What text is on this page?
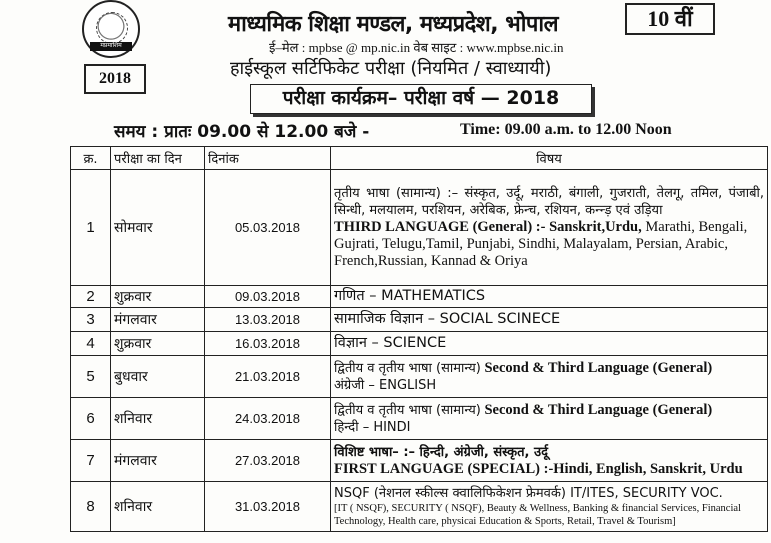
मप्रमाशिम
2018
10 वीं
माध्यमिक शिक्षा मण्डल, मध्यप्रदेश, भोपाल
ई–मेल : mpbse @ mp.nic.in वेब साइट : www.mpbse.nic.in
हाईस्कूल सर्टिफिकेट परीक्षा (नियमित / स्वाध्यायी)
परीक्षा कार्यक्रम– परीक्षा वर्ष — 2018
समय : प्रातः 09.00 से 12.00 बजे -	Time: 09.00 a.m. to 12.00 Noon
क्र.	परीक्षा का दिन	दिनांक	विषय
1	सोमवार	05.03.2018	तृतीय भाषा (सामान्य) :– संस्कृत, उर्दू, मराठी, बंगाली, गुजराती, तेलगू, तमिल, पंजाबी, सिन्धी, मलयालम, परशियन, अरेबिक, फ्रेन्च, रशियन, कन्न्ड़ एवं उड़िया
THIRD LANGUAGE (General) :- Sanskrit,Urdu, Marathi, Bengali, Gujrati, Telugu,Tamil, Punjabi, Sindhi, Malayalam, Persian, Arabic, French,Russian, Kannad & Oriya

2	शुक्रवार	09.03.2018	गणित – MATHEMATICS
3	मंगलवार	13.03.2018	सामाजिक विज्ञान – SOCIAL SCINECE
4	शुक्रवार	16.03.2018	विज्ञान – SCIENCE
5	बुधवार	21.03.2018	द्वितीय व तृतीय भाषा (सामान्य) Second & Third Language (General)
अंग्रेजी – ENGLISH

6	शनिवार	24.03.2018	द्वितीय व तृतीय भाषा (सामान्य) Second & Third Language (General)
हिन्दी – HINDI

7	मंगलवार	27.03.2018	विशिष्ट भाषा– :– हिन्दी, अंग्रेजी, संस्कृत, उर्दू
FIRST LANGUAGE (SPECIAL) :-Hindi, English, Sanskrit, Urdu

8	शनिवार	31.03.2018	NSQF (नेशनल स्कील्स क्वालिफिकेशन फ्रेमवर्क) IT/ITES, SECURITY VOC.
[IT ( NSQF), SECURITY ( NSQF), Beauty & Wellness, Banking & financial Services, Financial Technology, Health care, physicai Education & Sports, Retail, Travel & Tourism]
